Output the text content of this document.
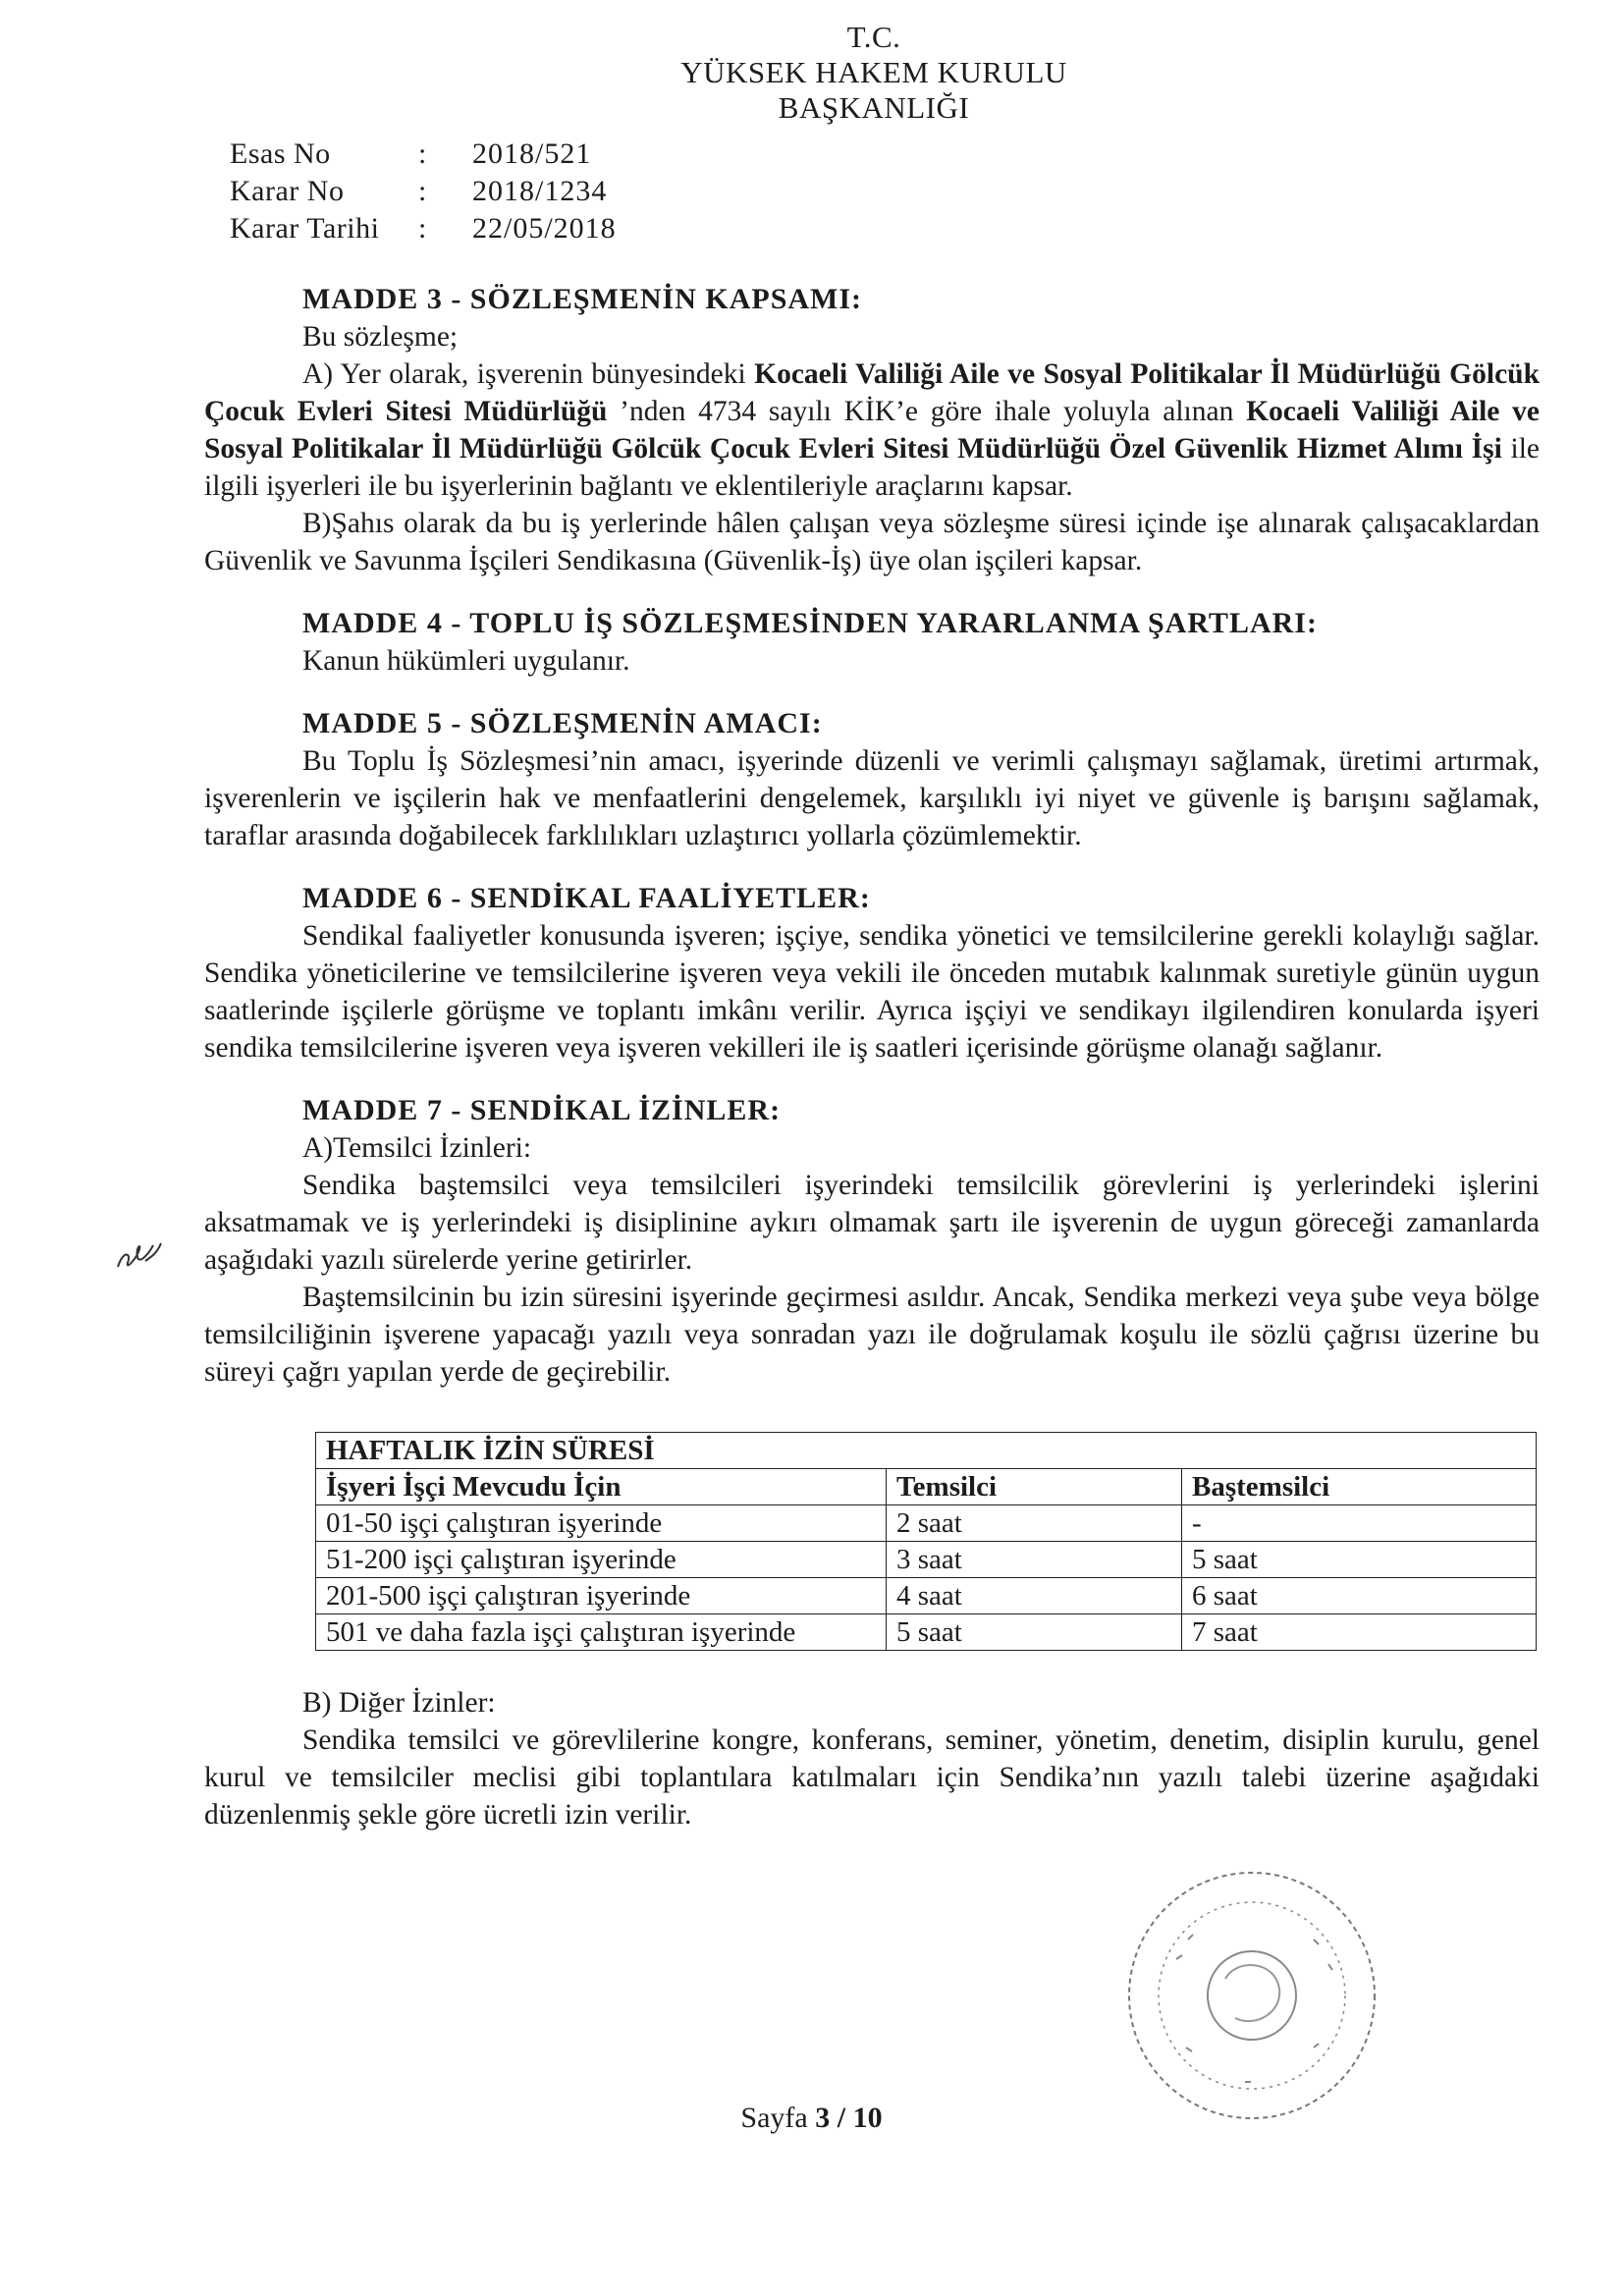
T.C.
YÜKSEK HAKEM KURULU
BAŞKANLIĞI
Esas No	:	2018/521
Karar No	:	2018/1234
Karar Tarihi	:	22/05/2018
MADDE 3 - SÖZLEŞMENİN KAPSAMI:

Bu sözleşme;

A) Yer olarak, işverenin bünyesindeki Kocaeli Valiliği Aile ve Sosyal Politikalar İl Müdürlüğü Gölcük Çocuk Evleri Sitesi Müdürlüğü ’nden 4734 sayılı KİK’e göre ihale yoluyla alınan Kocaeli Valiliği Aile ve Sosyal Politikalar İl Müdürlüğü Gölcük Çocuk Evleri Sitesi Müdürlüğü Özel Güvenlik Hizmet Alımı İşi ile ilgili işyerleri ile bu işyerlerinin bağlantı ve eklentileriyle araçlarını kapsar.

B)Şahıs olarak da bu iş yerlerinde hâlen çalışan veya sözleşme süresi içinde işe alınarak çalışacaklardan Güvenlik ve Savunma İşçileri Sendikasına (Güvenlik-İş) üye olan işçileri kapsar.

MADDE 4 - TOPLU İŞ SÖZLEŞMESİNDEN YARARLANMA ŞARTLARI:

Kanun hükümleri uygulanır.

MADDE 5 - SÖZLEŞMENİN AMACI:

Bu Toplu İş Sözleşmesi’nin amacı, işyerinde düzenli ve verimli çalışmayı sağlamak, üretimi artırmak, işverenlerin ve işçilerin hak ve menfaatlerini dengelemek, karşılıklı iyi niyet ve güvenle iş barışını sağlamak, taraflar arasında doğabilecek farklılıkları uzlaştırıcı yollarla çözümlemektir.

MADDE 6 - SENDİKAL FAALİYETLER:

Sendikal faaliyetler konusunda işveren; işçiye, sendika yönetici ve temsilcilerine gerekli kolaylığı sağlar. Sendika yöneticilerine ve temsilcilerine işveren veya vekili ile önceden mutabık kalınmak suretiyle günün uygun saatlerinde işçilerle görüşme ve toplantı imkânı verilir. Ayrıca işçiyi ve sendikayı ilgilendiren konularda işyeri sendika temsilcilerine işveren veya işveren vekilleri ile iş saatleri içerisinde görüşme olanağı sağlanır.

MADDE 7 - SENDİKAL İZİNLER:

A)Temsilci İzinleri:

Sendika baştemsilci veya temsilcileri işyerindeki temsilcilik görevlerini iş yerlerindeki işlerini aksatmamak ve iş yerlerindeki iş disiplinine aykırı olmamak şartı ile işverenin de uygun göreceği zamanlarda aşağıdaki yazılı sürelerde yerine getirirler.

Baştemsilcinin bu izin süresini işyerinde geçirmesi asıldır. Ancak, Sendika merkezi veya şube veya bölge temsilciliğinin işverene yapacağı yazılı veya sonradan yazı ile doğrulamak koşulu ile sözlü çağrısı üzerine bu süreyi çağrı yapılan yerde de geçirebilir.

HAFTALIK İZİN SÜRESİ		
İşyeri İşçi Mevcudu İçin	Temsilci	Baştemsilci
01-50 işçi çalıştıran işyerinde	2 saat	-
51-200 işçi çalıştıran işyerinde	3 saat	5 saat
201-500 işçi çalıştıran işyerinde	4 saat	6 saat
501 ve daha fazla işçi çalıştıran işyerinde	5 saat	7 saat

B) Diğer İzinler:

Sendika temsilci ve görevlilerine kongre, konferans, seminer, yönetim, denetim, disiplin kurulu, genel kurul ve temsilciler meclisi gibi toplantılara katılmaları için Sendika’nın yazılı talebi üzerine aşağıdaki düzenlenmiş şekle göre ücretli izin verilir.

Sayfa 3 / 10
